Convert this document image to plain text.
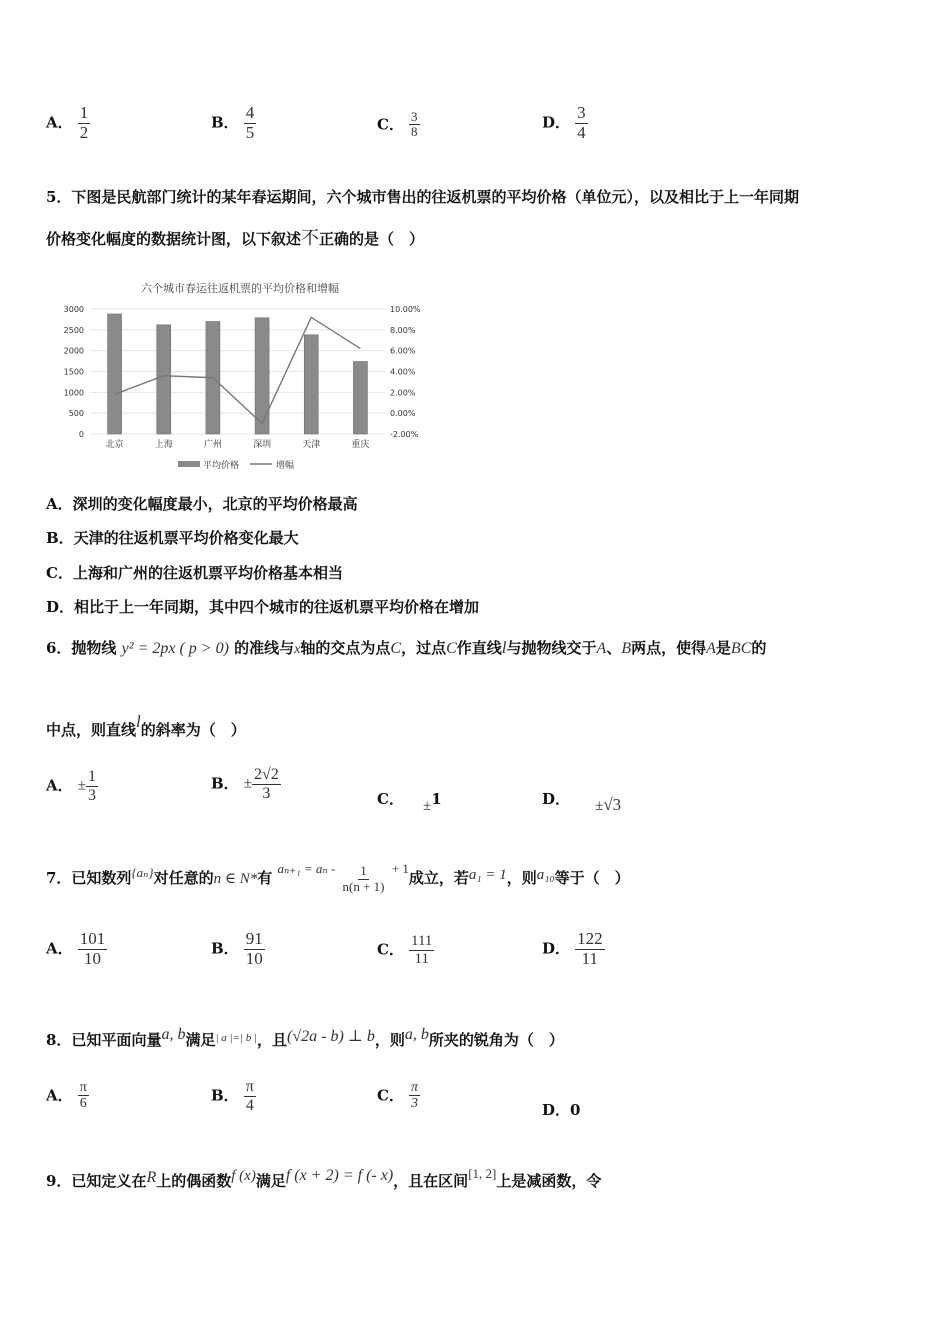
A． $\frac{1}{2}$	B． $\frac{4}{5}$	C． $\frac{3}{8}$	D． $\frac{3}{4}$
5．下图是民航部门统计的某年春运期间，六个城市售出的往返机票的平均价格（单位元），以及相比于上一年同期
价格变化幅度的数据统计图，以下叙述不正确的是（　）
六个城市春运往返机票的平均价格和增幅
0
500
1000
1500
2000
2500
3000
-2.00%
0.00%
2.00%
4.00%
6.00%
8.00%
10.00%
北京	上海	广州	深圳	天津	重庆
平均价格	增幅
A．深圳的变化幅度最小，北京的平均价格最高
B．天津的往返机票平均价格变化最大
C．上海和广州的往返机票平均价格基本相当
D．相比于上一年同期，其中四个城市的往返机票平均价格在增加
6．抛物线 y² = 2px ( p > 0) 的准线与x轴的交点为点C，过点C作直线l与抛物线交于A、B两点，使得A是BC的
中点，则直线l的斜率为（　）
A． ± $\frac{1}{3}$	B． ± $\frac{2√2}{3}$	C． ±1	D． ±√3
7．已知数列{aₙ}对任意的n ∈ N*有 $a_{n+1} = a_n - \frac{1}{n(n + 1)} + 1$成立，若a₁ = 1，则a₁₀等于（　）
A． $\frac{101}{10}$	B． $\frac{91}{10}$	C． $\frac{111}{11}$	D． $\frac{122}{11}$
8．已知平面向量a, b满足$^{| a |=| b |}$，且(√2a - b) ⊥ b，则a, b所夹的锐角为（　）
A． $\frac{\pi}{6}$	B． $\frac{\pi}{4}$	C． $\frac{\pi}{3}$	D．0
9．已知定义在R上的偶函数f (x)满足f (x + 2) = f (- x)，且在区间[1, 2]上是减函数，令
